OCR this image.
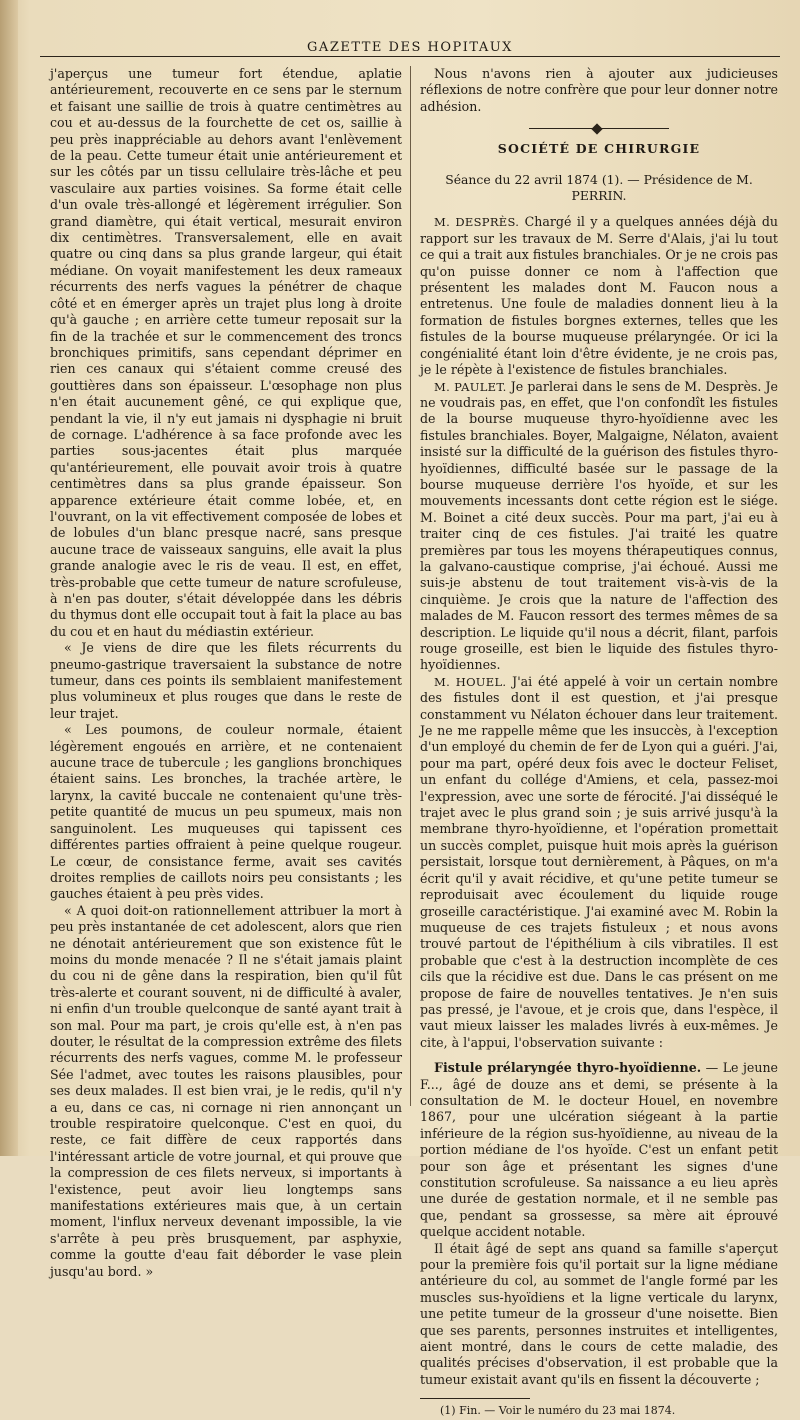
GAZETTE DES HOPITAUX

j'aperçus une tumeur fort étendue, aplatie antérieurement, recouverte en ce sens par le sternum et faisant une saillie de trois à quatre centimètres au cou et au-dessus de la fourchette de cet os, saillie à peu près inappréciable au dehors avant l'enlèvement de la peau. Cette tumeur était unie antérieurement et sur les côtés par un tissu cellulaire très-lâche et peu vasculaire aux parties voisines. Sa forme était celle d'un ovale très-allongé et légèrement irrégulier. Son grand diamètre, qui était vertical, mesurait environ dix centimètres. Transversalement, elle en avait quatre ou cinq dans sa plus grande largeur, qui était médiane. On voyait manifestement les deux rameaux récurrents des nerfs vagues la pénétrer de chaque côté et en émerger après un trajet plus long à droite qu'à gauche ; en arrière cette tumeur reposait sur la fin de la trachée et sur le commencement des troncs bronchiques primitifs, sans cependant déprimer en rien ces canaux qui s'étaient comme creusé des gouttières dans son épaisseur. L'œsophage non plus n'en était aucunement gêné, ce qui explique que, pendant la vie, il n'y eut jamais ni dysphagie ni bruit de cornage. L'adhérence à sa face profonde avec les parties sous-jacentes était plus marquée qu'antérieurement, elle pouvait avoir trois à quatre centimètres dans sa plus grande épaisseur. Son apparence extérieure était comme lobée, et, en l'ouvrant, on la vit effectivement composée de lobes et de lobules d'un blanc presque nacré, sans presque aucune trace de vaisseaux sanguins, elle avait la plus grande analogie avec le ris de veau. Il est, en effet, très-probable que cette tumeur de nature scrofuleuse, à n'en pas douter, s'était développée dans les débris du thymus dont elle occupait tout à fait la place au bas du cou et en haut du médiastin extérieur.

« Je viens de dire que les filets récurrents du pneumo-gastrique traversaient la substance de notre tumeur, dans ces points ils semblaient manifestement plus volumineux et plus rouges que dans le reste de leur trajet.

« Les poumons, de couleur normale, étaient légèrement engoués en arrière, et ne contenaient aucune trace de tubercule ; les ganglions bronchiques étaient sains. Les bronches, la trachée artère, le larynx, la cavité buccale ne contenaient qu'une très-petite quantité de mucus un peu spumeux, mais non sanguinolent. Les muqueuses qui tapissent ces différentes parties offraient à peine quelque rougeur. Le cœur, de consistance ferme, avait ses cavités droites remplies de caillots noirs peu consistants ; les gauches étaient à peu près vides.

« A quoi doit-on rationnellement attribuer la mort à peu près instantanée de cet adolescent, alors que rien ne dénotait antérieurement que son existence fût le moins du monde menacée ? Il ne s'était jamais plaint du cou ni de gêne dans la respiration, bien qu'il fût très-alerte et courant souvent, ni de difficulté à avaler, ni enfin d'un trouble quelconque de santé ayant trait à son mal. Pour ma part, je crois qu'elle est, à n'en pas douter, le résultat de la compression extrême des filets récurrents des nerfs vagues, comme M. le professeur Sée l'admet, avec toutes les raisons plausibles, pour ses deux malades. Il est bien vrai, je le redis, qu'il n'y a eu, dans ce cas, ni cornage ni rien annonçant un trouble respiratoire quelconque. C'est en quoi, du reste, ce fait diffère de ceux rapportés dans l'intéressant article de votre journal, et qui prouve que la compression de ces filets nerveux, si importants à l'existence, peut avoir lieu longtemps sans manifestations extérieures mais que, à un certain moment, l'influx nerveux devenant impossible, la vie s'arrête à peu près brusquement, par asphyxie, comme la goutte d'eau fait déborder le vase plein jusqu'au bord. »

Nous n'avons rien à ajouter aux judicieuses réflexions de notre confrère que pour leur donner notre adhésion.

SOCIÉTÉ DE CHIRURGIE
Séance du 22 avril 1874 (1). — Présidence de M. PERRIN.

M. DESPRÈS. Chargé il y a quelques années déjà du rapport sur les travaux de M. Serre d'Alais, j'ai lu tout ce qui a trait aux fistules branchiales. Or je ne crois pas qu'on puisse donner ce nom à l'affection que présentent les malades dont M. Faucon nous a entretenus. Une foule de maladies donnent lieu à la formation de fistules borgnes externes, telles que les fistules de la bourse muqueuse prélaryngée. Or ici la congénialité étant loin d'être évidente, je ne crois pas, je le répète à l'existence de fistules branchiales.

M. PAULET. Je parlerai dans le sens de M. Desprès. Je ne voudrais pas, en effet, que l'on confondît les fistules de la bourse muqueuse thyro-hyoïdienne avec les fistules branchiales. Boyer, Malgaigne, Nélaton, avaient insisté sur la difficulté de la guérison des fistules thyro-hyoïdiennes, difficulté basée sur le passage de la bourse muqueuse derrière l'os hyoïde, et sur les mouvements incessants dont cette région est le siége. M. Boinet a cité deux succès. Pour ma part, j'ai eu à traiter cinq de ces fistules. J'ai traité les quatre premières par tous les moyens thérapeutiques connus, la galvano-caustique comprise, j'ai échoué. Aussi me suis-je abstenu de tout traitement vis-à-vis de la cinquième. Je crois que la nature de l'affection des malades de M. Faucon ressort des termes mêmes de sa description. Le liquide qu'il nous a décrit, filant, parfois rouge groseille, est bien le liquide des fistules thyro-hyoïdiennes.

M. HOUEL. J'ai été appelé à voir un certain nombre des fistules dont il est question, et j'ai presque constamment vu Nélaton échouer dans leur traitement. Je ne me rappelle même que les insuccès, à l'exception d'un employé du chemin de fer de Lyon qui a guéri. J'ai, pour ma part, opéré deux fois avec le docteur Feliset, un enfant du collége d'Amiens, et cela, passez-moi l'expression, avec une sorte de férocité. J'ai disséqué le trajet avec le plus grand soin ; je suis arrivé jusqu'à la membrane thyro-hyoïdienne, et l'opération promettait un succès complet, puisque huit mois après la guérison persistait, lorsque tout dernièrement, à Pâques, on m'a écrit qu'il y avait récidive, et qu'une petite tumeur se reproduisait avec écoulement du liquide rouge groseille caractéristique. J'ai examiné avec M. Robin la muqueuse de ces trajets fistuleux ; et nous avons trouvé partout de l'épithélium à cils vibratiles. Il est probable que c'est à la destruction incomplète de ces cils que la récidive est due. Dans le cas présent on me propose de faire de nouvelles tentatives. Je n'en suis pas pressé, je l'avoue, et je crois que, dans l'espèce, il vaut mieux laisser les malades livrés à eux-mêmes. Je cite, à l'appui, l'observation suivante :

Fistule prélaryngée thyro-hyoïdienne. — Le jeune F..., âgé de douze ans et demi, se présente à la consultation de M. le docteur Houel, en novembre 1867, pour une ulcération siégeant à la partie inférieure de la région sus-hyoïdienne, au niveau de la portion médiane de l'os hyoïde. C'est un enfant petit pour son âge et présentant les signes d'une constitution scrofuleuse. Sa naissance a eu lieu après une durée de gestation normale, et il ne semble pas que, pendant sa grossesse, sa mère ait éprouvé quelque accident notable.

Il était âgé de sept ans quand sa famille s'aperçut pour la première fois qu'il portait sur la ligne médiane antérieure du col, au sommet de l'angle formé par les muscles sus-hyoïdiens et la ligne verticale du larynx, une petite tumeur de la grosseur d'une noisette. Bien que ses parents, personnes instruites et intelligentes, aient montré, dans le cours de cette maladie, des qualités précises d'observation, il est probable que la tumeur existait avant qu'ils en fissent la découverte ;

(1) Fin. — Voir le numéro du 23 mai 1874.
